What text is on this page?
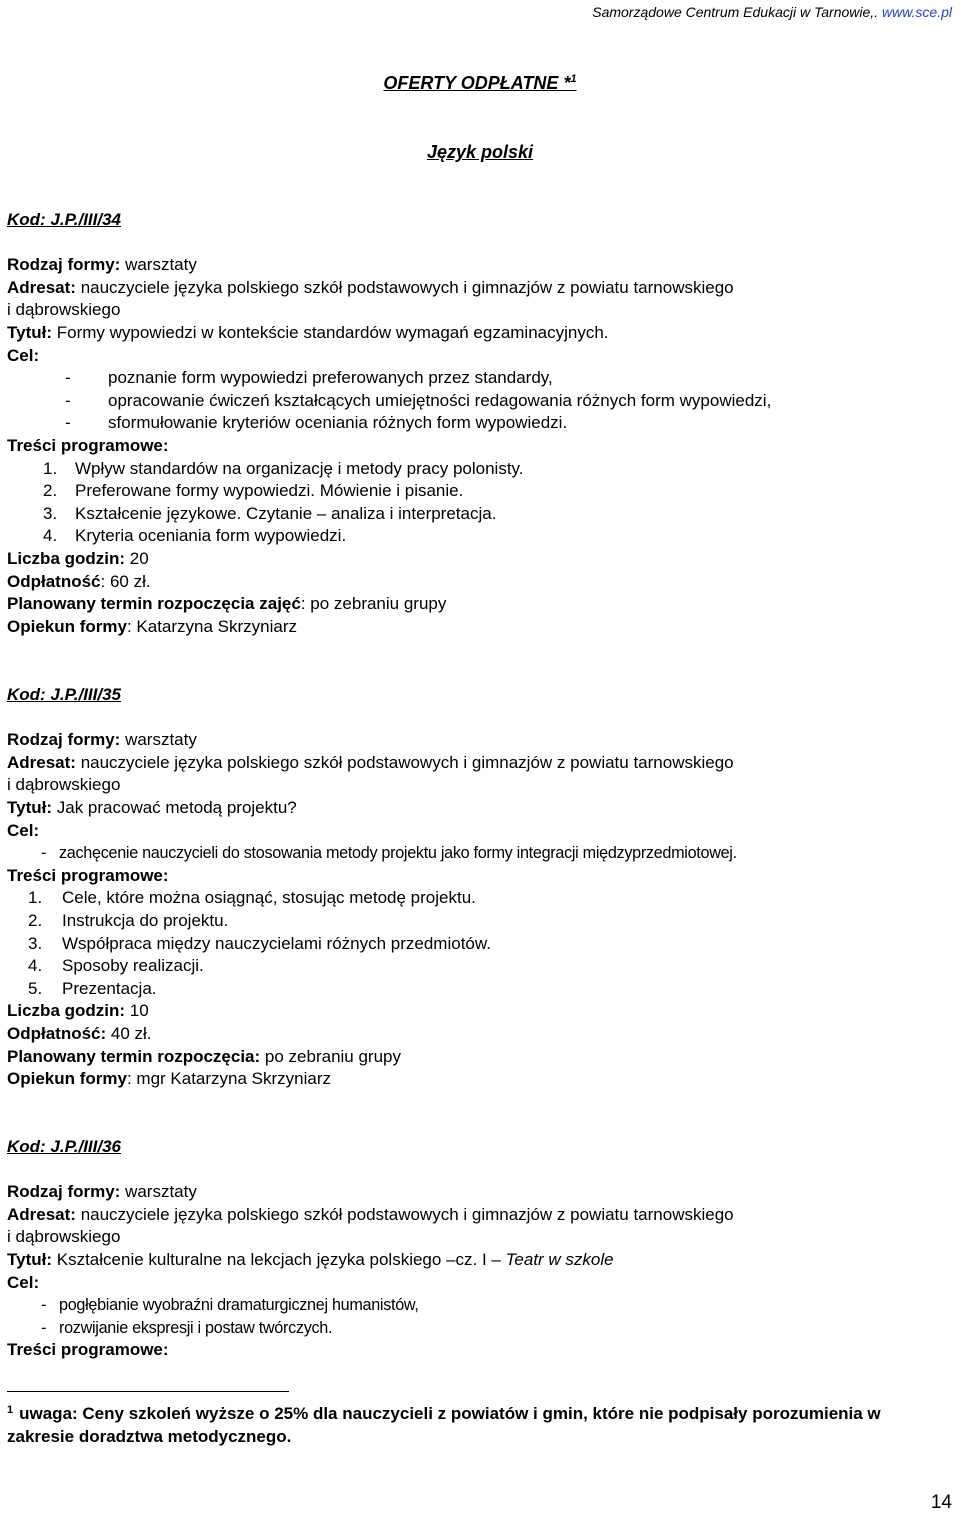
Samorządowe Centrum Edukacji w Tarnowie,. www.sce.pl
OFERTY ODPŁATNE *$^1$
Język polski
Kod: J.P./III/34
Rodzaj formy: warsztaty
Adresat: nauczyciele języka polskiego szkół podstawowych i gimnazjów z powiatu tarnowskiego
i dąbrowskiego
Tytuł: Formy wypowiedzi w kontekście standardów wymagań egzaminacyjnych.
Cel:
- poznanie form wypowiedzi preferowanych przez standardy,
- opracowanie ćwiczeń kształcących umiejętności redagowania różnych form wypowiedzi,
- sformułowanie kryteriów oceniania różnych form wypowiedzi.
Treści programowe:
1. Wpływ standardów na organizację i metody pracy polonisty.
2. Preferowane formy wypowiedzi. Mówienie i pisanie.
3. Kształcenie językowe. Czytanie – analiza i interpretacja.
4. Kryteria oceniania form wypowiedzi.
Liczba godzin: 20
Odpłatność: 60 zł.
Planowany termin rozpoczęcia zajęć: po zebraniu grupy
Opiekun formy: Katarzyna Skrzyniarz
Kod: J.P./III/35
Rodzaj formy: warsztaty
Adresat: nauczyciele języka polskiego szkół podstawowych i gimnazjów z powiatu tarnowskiego
i dąbrowskiego
Tytuł: Jak pracować metodą projektu?
Cel:
- zachęcenie nauczycieli do stosowania metody projektu jako formy integracji międzyprzedmiotowej.
Treści programowe:
1. Cele, które można osiągnąć, stosując metodę projektu.
2. Instrukcja do projektu.
3. Współpraca między nauczycielami różnych przedmiotów.
4. Sposoby realizacji.
5. Prezentacja.
Liczba godzin: 10
Odpłatność: 40 zł.
Planowany termin rozpoczęcia: po zebraniu grupy
Opiekun formy: mgr Katarzyna Skrzyniarz
Kod: J.P./III/36
Rodzaj formy: warsztaty
Adresat: nauczyciele języka polskiego szkół podstawowych i gimnazjów z powiatu tarnowskiego
i dąbrowskiego
Tytuł: Kształcenie kulturalne na lekcjach języka polskiego –cz. I – Teatr w szkole
Cel:
- pogłębianie wyobraźni dramaturgicznej humanistów,
- rozwijanie ekspresji i postaw twórczych.
Treści programowe:
$^1$ uwaga: Ceny szkoleń wyższe o 25% dla nauczycieli z powiatów i gmin, które nie podpisały porozumienia w zakresie doradztwa metodycznego.
14
